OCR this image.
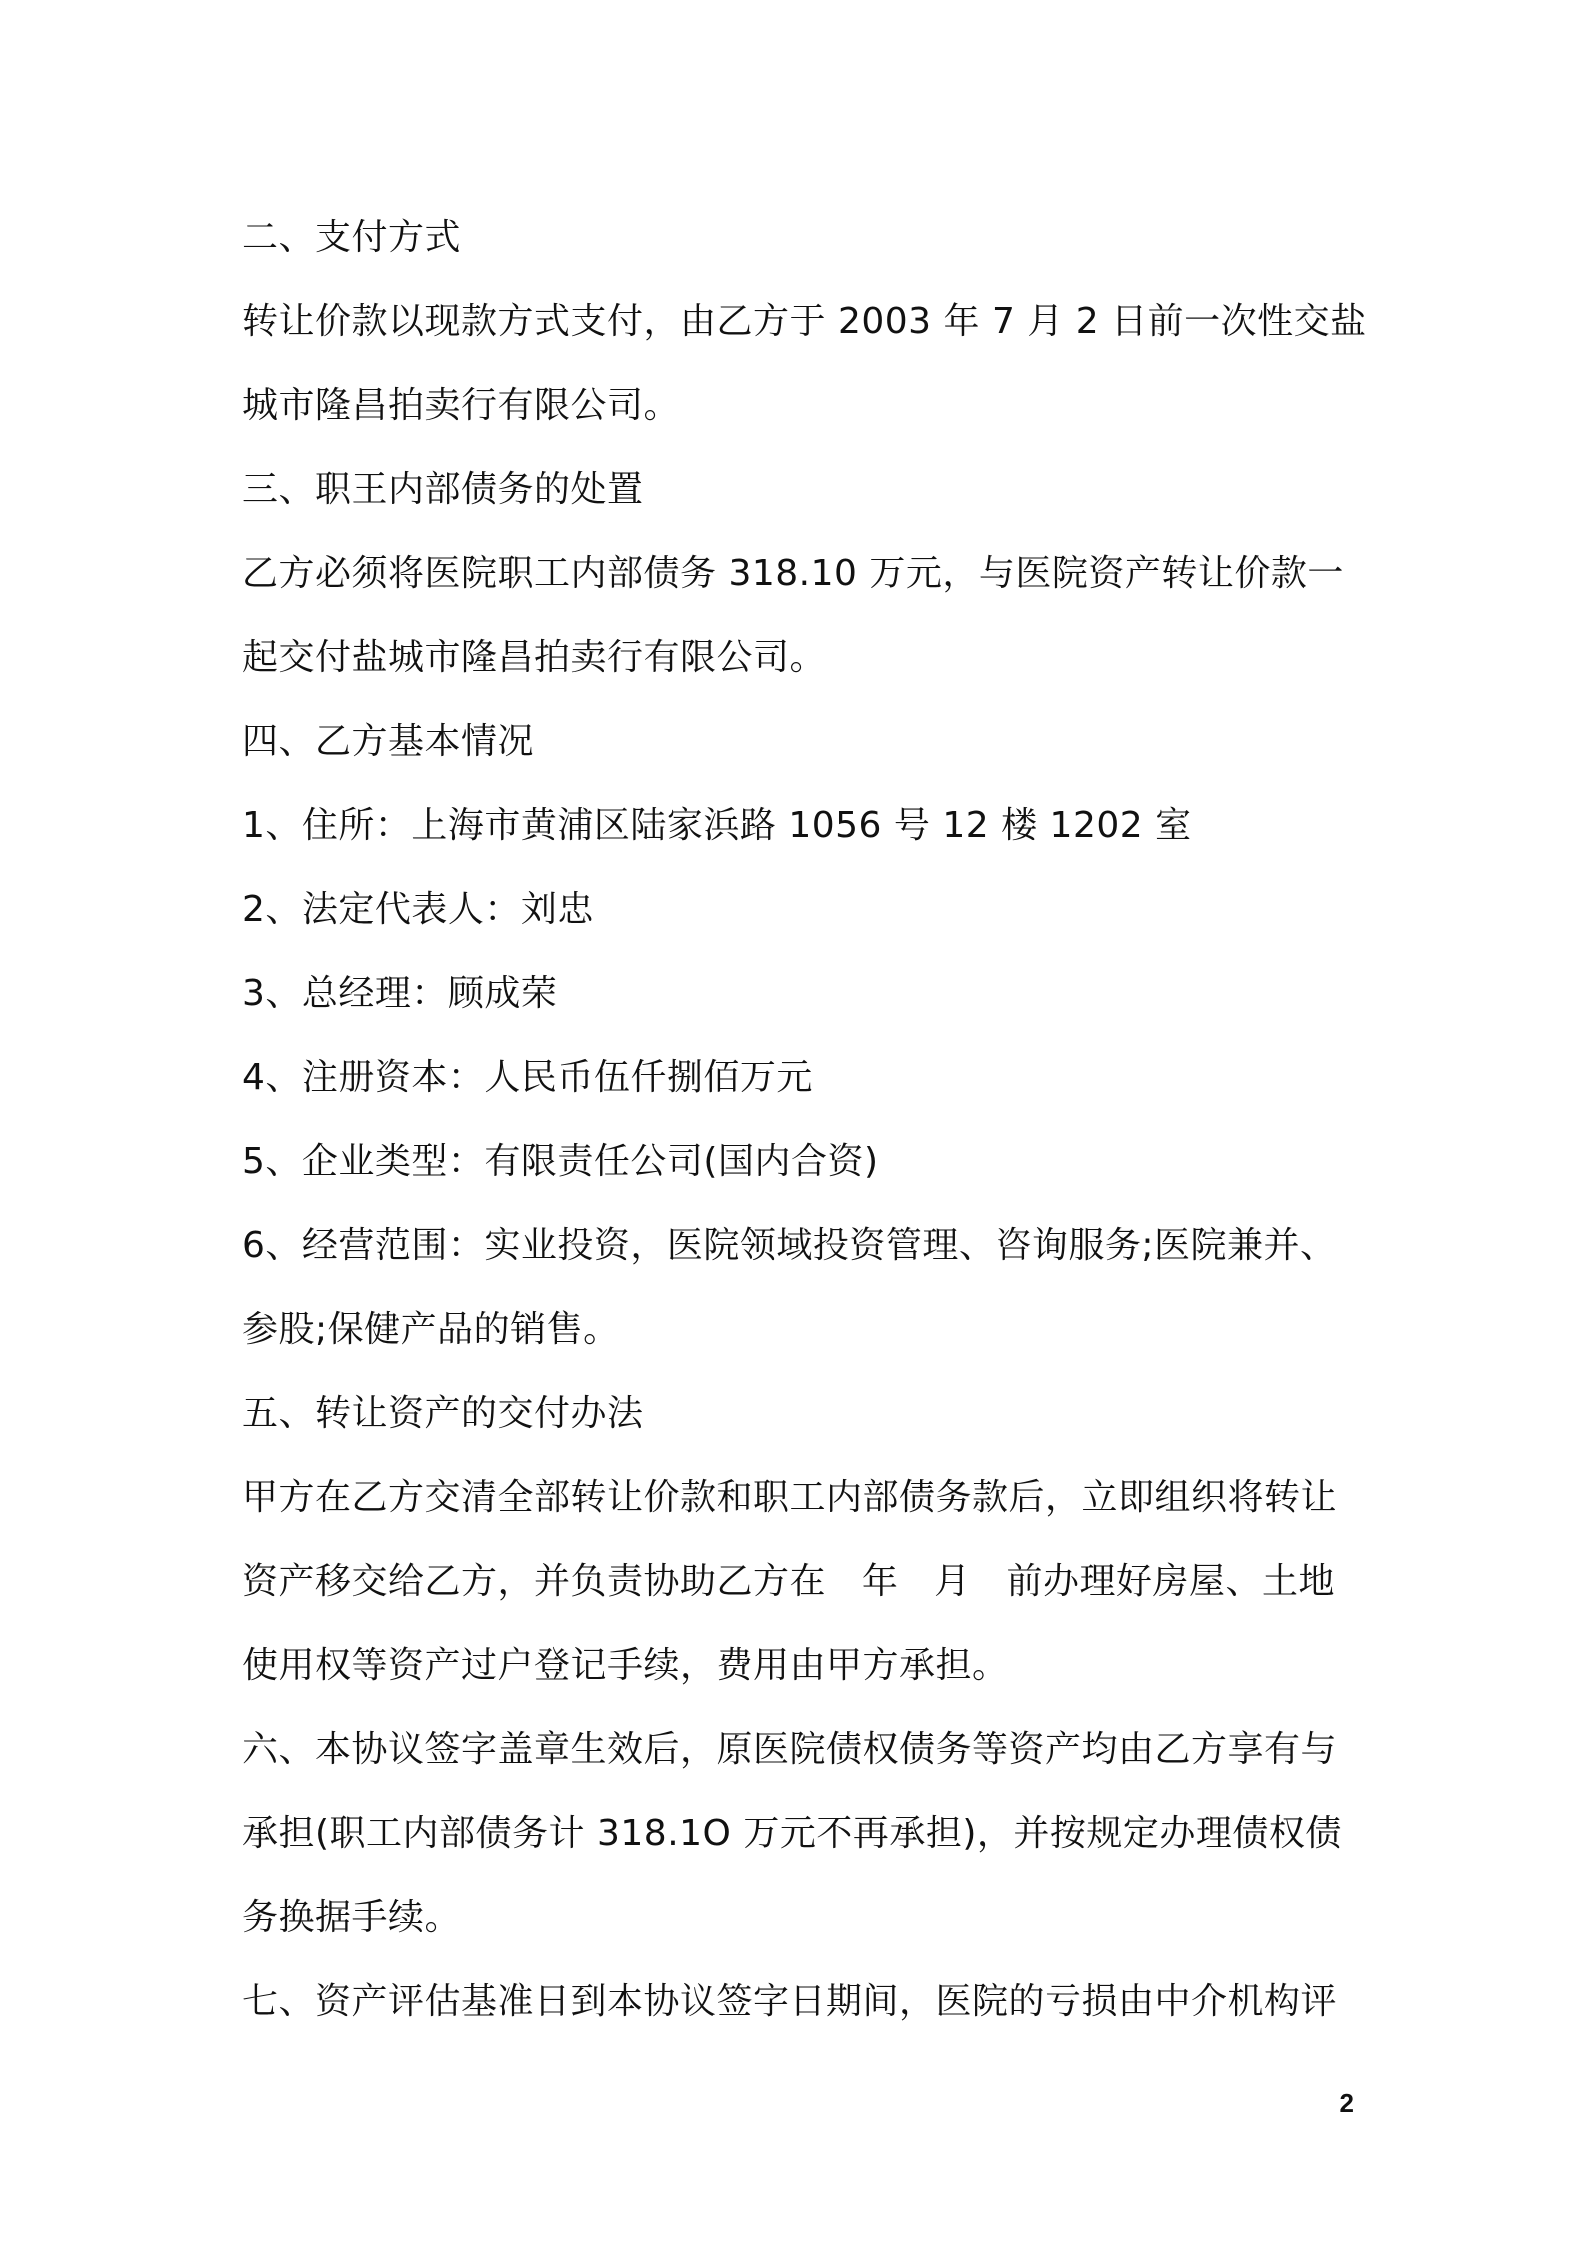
二、支付方式
转让价款以现款方式支付，由乙方于 2003 年 7 月 2 日前一次性交盐
城市隆昌拍卖行有限公司。
三、职王内部债务的处置
乙方必须将医院职工内部债务 318.10 万元，与医院资产转让价款一
起交付盐城市隆昌拍卖行有限公司。
四、乙方基本情况
1、住所：上海市黄浦区陆家浜路 1056 号 12 楼 1202 室
2、法定代表人：刘忠
3、总经理：顾成荣
4、注册资本：人民币伍仟捌佰万元
5、企业类型：有限责任公司(国内合资)
6、经营范围：实业投资，医院领域投资管理、咨询服务;医院兼并、
参股;保健产品的销售。
五、转让资产的交付办法
甲方在乙方交清全部转让价款和职工内部债务款后，立即组织将转让
资产移交给乙方，并负责协助乙方在   年   月   前办理好房屋、土地
使用权等资产过户登记手续，费用由甲方承担。
六、本协议签字盖章生效后，原医院债权债务等资产均由乙方享有与
承担(职工内部债务计 318.1O 万元不再承担)，并按规定办理债权债
务换据手续。
七、资产评估基准日到本协议签字日期间，医院的亏损由中介机构评
2
